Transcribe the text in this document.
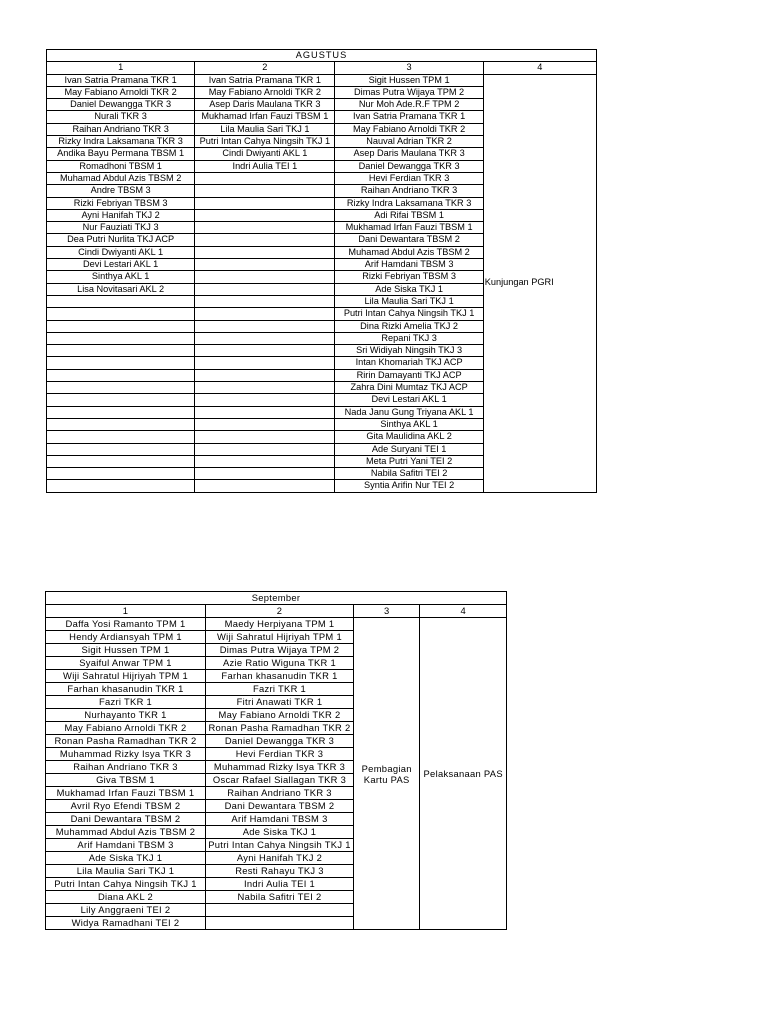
AGUSTUS			
1	2	3	4
Ivan Satria Pramana TKR 1	Ivan Satria Pramana TKR 1	Sigit Hussen TPM 1	Kunjungan PGRI
May Fabiano Arnoldi TKR 2	May Fabiano Arnoldi TKR 2	Dimas Putra Wijaya TPM 2	
Daniel Dewangga TKR 3	Asep Daris Maulana TKR 3	Nur Moh Ade.R.F TPM 2	
Nurali TKR 3	Mukhamad Irfan Fauzi TBSM 1	Ivan Satria Pramana TKR 1	
Raihan Andriano TKR 3	Lila Maulia Sari TKJ 1	May Fabiano Arnoldi TKR 2	
Rizky Indra Laksamana TKR 3	Putri Intan Cahya Ningsih TKJ 1	Nauval Adrian TKR 2	
Andika Bayu Permana TBSM 1	Cindi Dwiyanti AKL 1	Asep Daris Maulana TKR 3	
Romadhoni TBSM 1	Indri Aulia TEI 1	Daniel Dewangga TKR 3	
Muhamad Abdul Azis TBSM 2		Hevi Ferdian TKR 3	
Andre TBSM 3		Raihan Andriano TKR 3	
Rizki Febriyan TBSM 3		Rizky Indra Laksamana TKR 3	
Ayni Hanifah TKJ 2		Adi Rifai TBSM 1	
Nur Fauziati TKJ 3		Mukhamad Irfan Fauzi TBSM 1	
Dea Putri Nurlita TKJ ACP		Dani Dewantara TBSM 2	
Cindi Dwiyanti AKL 1		Muhamad Abdul Azis TBSM 2	
Devi Lestari AKL 1		Arif Hamdani TBSM 3	
Sinthya AKL 1		Rizki Febriyan TBSM 3	
Lisa Novitasari AKL 2		Ade Siska TKJ 1	
		Lila Maulia Sari TKJ 1	
		Putri Intan Cahya Ningsih TKJ 1	
		Dina Rizki Amelia TKJ 2	
		Repani TKJ 3	
		Sri Widiyah Ningsih TKJ 3	
		Intan Khomariah TKJ ACP	
		Ririn Damayanti TKJ ACP	
		Zahra Dini Mumtaz TKJ ACP	
		Devi Lestari AKL 1	
		Nada Janu Gung Triyana AKL 1	
		Sinthya AKL 1	
		Gita Maulidina AKL 2	
		Ade Suryani TEI 1	
		Meta Putri Yani TEI 2	
		Nabila Safitri TEI 2	
		Syntia Arifin Nur TEI 2	
September			
1	2	3	4
Daffa Yosi Ramanto TPM 1	Maedy Herpiyana TPM 1	Pembagian Kartu PAS	Pelaksanaan PAS
Hendy Ardiansyah TPM 1	Wiji Sahratul Hijriyah TPM 1		
Sigit Hussen TPM 1	Dimas Putra Wijaya TPM 2		
Syaiful Anwar TPM 1	Azie Ratio Wiguna TKR 1		
Wiji Sahratul Hijriyah TPM 1	Farhan khasanudin TKR 1		
Farhan khasanudin TKR 1	Fazri TKR 1		
Fazri TKR 1	Fitri Anawati TKR 1		
Nurhayanto TKR 1	May Fabiano Arnoldi TKR 2		
May Fabiano Arnoldi TKR 2	Ronan Pasha Ramadhan TKR 2		
Ronan Pasha Ramadhan TKR 2	Daniel Dewangga TKR 3		
Muhammad Rizky Isya TKR 3	Hevi Ferdian TKR 3		
Raihan Andriano TKR 3	Muhammad Rizky Isya TKR 3		
Giva TBSM 1	Oscar Rafael Siallagan TKR 3		
Mukhamad Irfan Fauzi TBSM 1	Raihan Andriano TKR 3		
Avril Ryo Efendi TBSM 2	Dani Dewantara TBSM 2		
Dani Dewantara TBSM 2	Arif Hamdani TBSM 3		
Muhammad Abdul Azis TBSM 2	Ade Siska TKJ 1		
Arif Hamdani TBSM 3	Putri Intan Cahya Ningsih TKJ 1		
Ade Siska TKJ 1	Ayni Hanifah TKJ 2		
Lila Maulia Sari TKJ 1	Resti Rahayu TKJ 3		
Putri Intan Cahya Ningsih TKJ 1	Indri Aulia TEI 1		
Diana AKL 2	Nabila Safitri TEI 2		
Lily Anggraeni TEI 2			
Widya Ramadhani TEI 2			
